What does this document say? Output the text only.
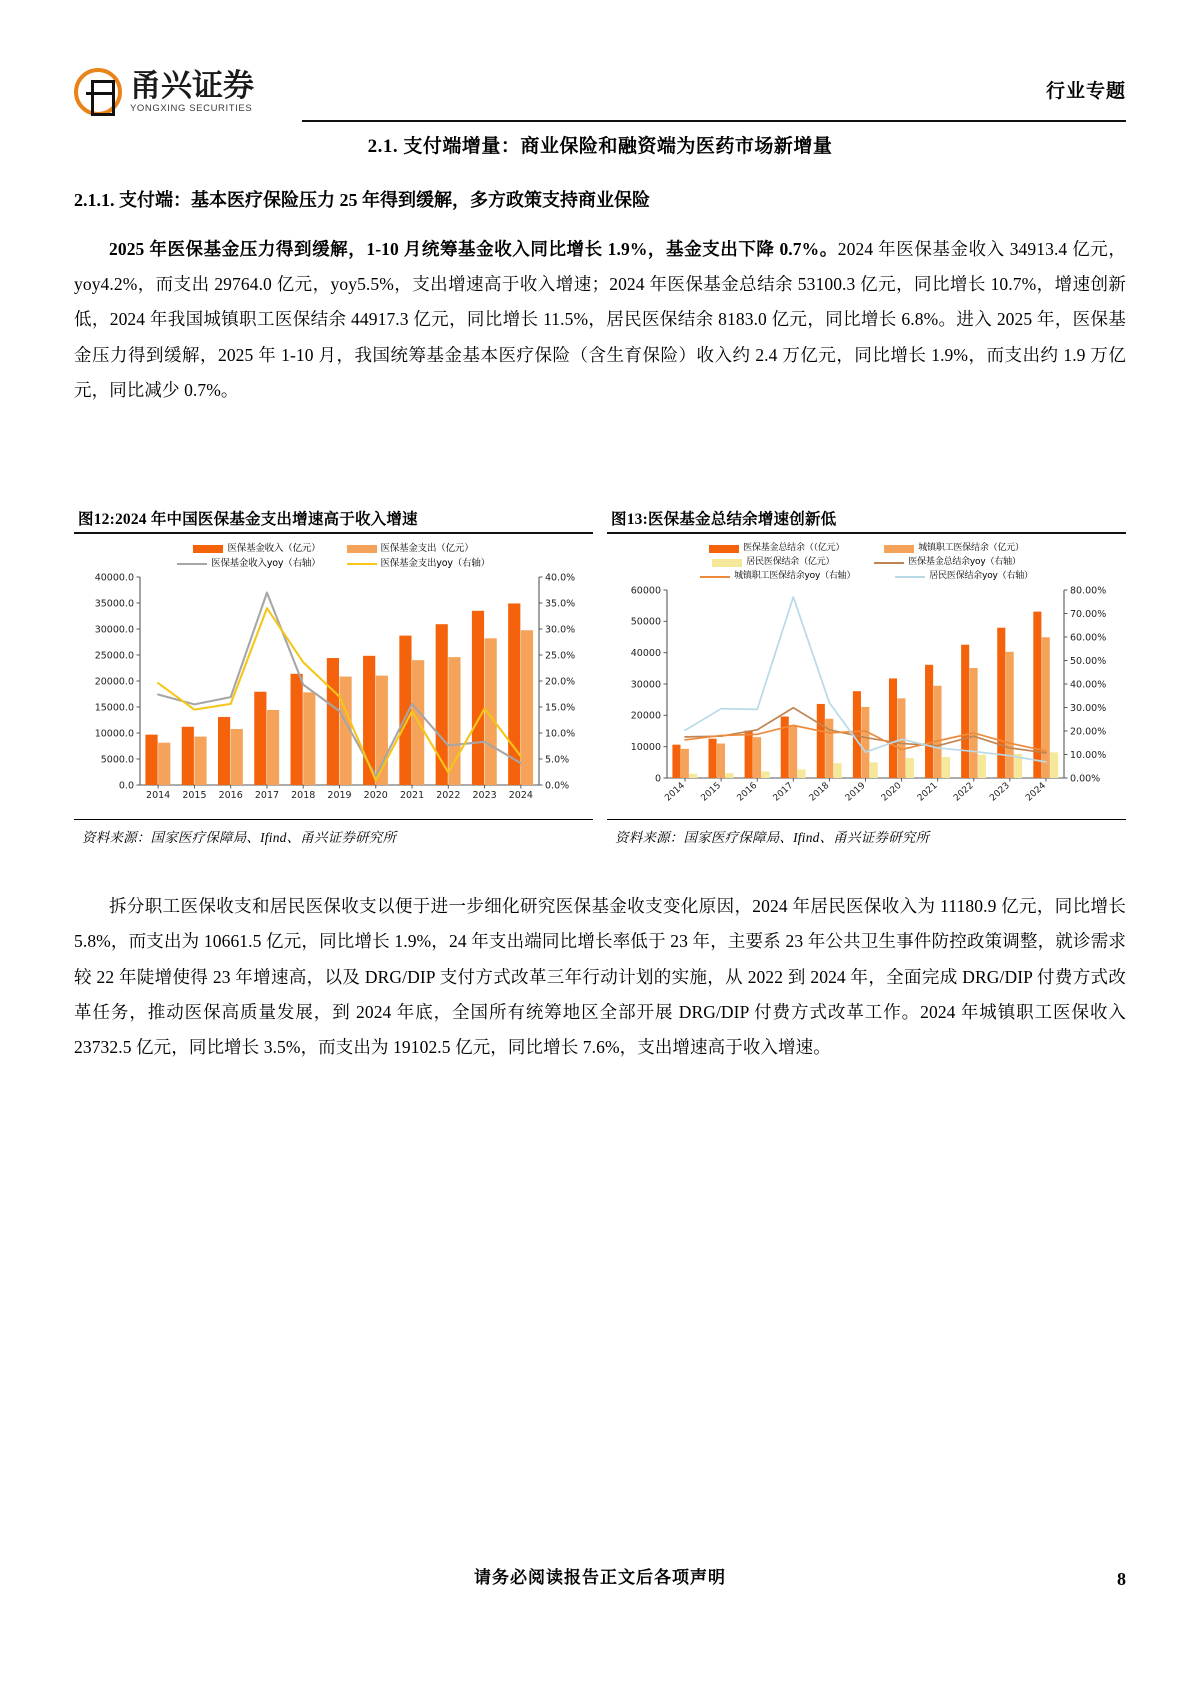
甬兴证券
YONGXING SECURITIES
行业专题
2.1. 支付端增量：商业保险和融资端为医药市场新增量
2.1.1. 支付端：基本医疗保险压力 25 年得到缓解，多方政策支持商业保险

2025 年医保基金压力得到缓解，1-10 月统筹基金收入同比增长 1.9%，基金支出下降 0.7%。2024 年医保基金收入 34913.4 亿元，yoy4.2%，而支出 29764.0 亿元，yoy5.5%，支出增速高于收入增速；2024 年医保基金总结余 53100.3 亿元，同比增长 10.7%，增速创新低，2024 年我国城镇职工医保结余 44917.3 亿元，同比增长 11.5%，居民医保结余 8183.0 亿元，同比增长 6.8%。进入 2025 年，医保基金压力得到缓解，2025 年 1-10 月，我国统筹基金基本医疗保险（含生育保险）收入约 2.4 万亿元，同比增长 1.9%，而支出约 1.9 万亿元，同比减少 0.7%。

图12:2024 年中国医保基金支出增速高于收入增速
医保基金收入（亿元）	医保基金支出（亿元）
医保基金收入yoy（右轴）	医保基金支出yoy（右轴）
0.0
5000.0
10000.0
15000.0
20000.0
25000.0
30000.0
35000.0
40000.0
0.0%
5.0%
10.0%
15.0%
20.0%
25.0%
30.0%
35.0%
40.0%
2014 2015 2016 2017 2018 2019 2020 2021 2022 2023 2024
资料来源：国家医疗保障局、Ifind、甬兴证券研究所
图13:医保基金总结余增速创新低
医保基金总结余（（亿元）	城镇职工医保结余（亿元）
居民医保结余（亿元）	医保基金总结余yoy（右轴）
城镇职工医保结余yoy（右轴）	居民医保结余yoy（右轴）
0
10000
20000
30000
40000
50000
60000
0.00%
10.00%
20.00%
30.00%
40.00%
50.00%
60.00%
70.00%
80.00%
2014 2015 2016 2017 2018 2019 2020 2021 2022 2023 2024
资料来源：国家医疗保障局、Ifind、甬兴证券研究所

拆分职工医保收支和居民医保收支以便于进一步细化研究医保基金收支变化原因，2024 年居民医保收入为 11180.9 亿元，同比增长 5.8%，而支出为 10661.5 亿元，同比增长 1.9%，24 年支出端同比增长率低于 23 年，主要系 23 年公共卫生事件防控政策调整，就诊需求较 22 年陡增使得 23 年增速高，以及 DRG/DIP 支付方式改革三年行动计划的实施，从 2022 到 2024 年，全面完成 DRG/DIP 付费方式改革任务，推动医保高质量发展，到 2024 年底，全国所有统筹地区全部开展 DRG/DIP 付费方式改革工作。2024 年城镇职工医保收入 23732.5 亿元，同比增长 3.5%，而支出为 19102.5 亿元，同比增长 7.6%，支出增速高于收入增速。

请务必阅读报告正文后各项声明	8
